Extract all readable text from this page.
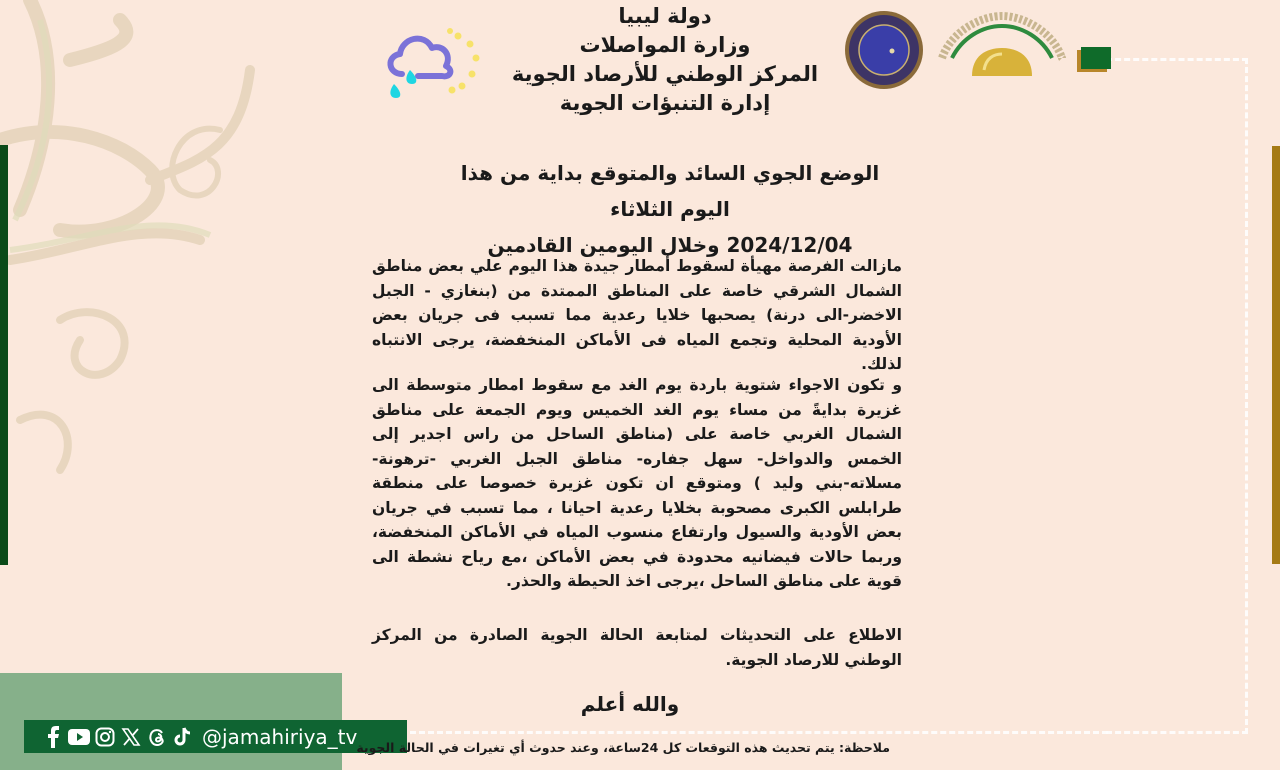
دولة ليبيا
وزارة المواصلات
المركز الوطني للأرصاد الجوية
إدارة التنبؤات الجوية
الوضع الجوي السائد والمتوقع بداية من هذا اليوم الثلاثاء
2024/12/04 وخلال اليومين القادمين
مازالت الفرصة مهيأة لسقوط أمطار جيدة هذا اليوم علي بعض مناطق الشمال الشرقي خاصة على المناطق الممتدة من (بنغازي - الجبل الاخضر-الى درنة) يصحبها خلايا رعدية مما تسبب فى جريان بعض الأودية المحلية وتجمع المياه فى الأماكن المنخفضة، يرجى الانتباه لذلك.
و تكون الاجواء شتوية باردة يوم الغد مع سقوط امطار متوسطة الى غزيرة بدايةً من مساء يوم الغد الخميس ويوم الجمعة على مناطق الشمال الغربي خاصة على (مناطق الساحل من راس اجدير إلى الخمس والدواخل- سهل جفاره- مناطق الجبل الغربي -ترهونة- مسلاته-بني وليد ) ومتوقع ان تكون غزيرة خصوصا على منطقة طرابلس الكبرى مصحوبة بخلايا رعدية احيانا ، مما تسبب في جريان بعض الأودية والسيول وارتفاع منسوب المياه في الأماكن المنخفضة، وربما حالات فيضانيه محدودة في بعض الأماكن ،مع رياح نشطة الى قوية على مناطق الساحل ،يرجى اخذ الحيطة والحذر.
الاطلاع على التحديثات لمتابعة الحالة الجوية الصادرة من المركز الوطني للارصاد الجوية.
والله أعلم
@jamahiriya_tv
ملاحظة: يتم تحديث هذه التوقعات كل 24ساعة، وعند حدوث أي تغيرات في الحالة الجوية
